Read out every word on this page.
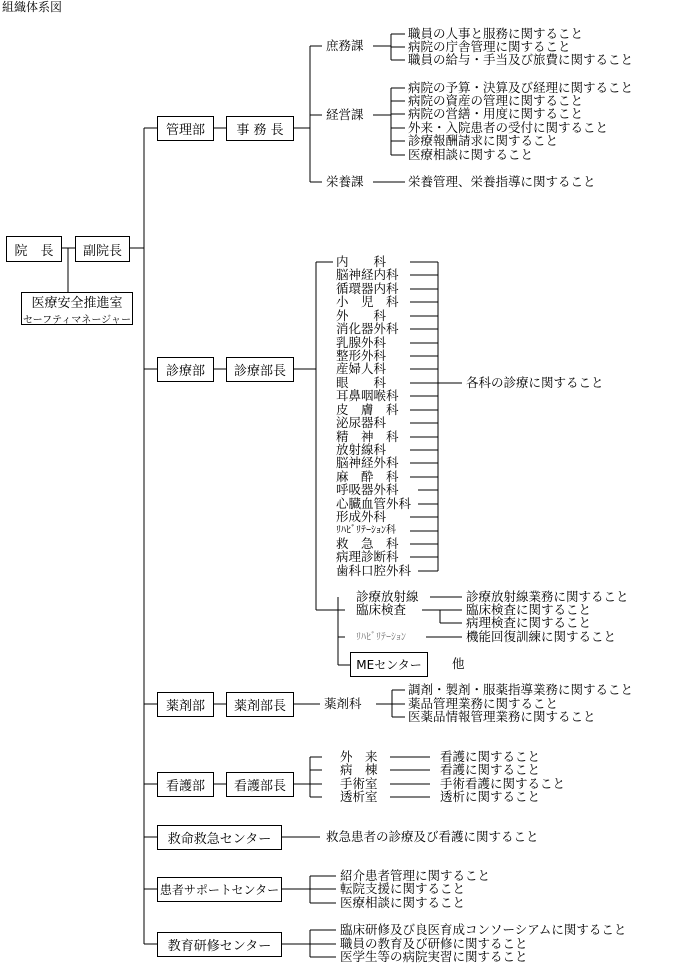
組織体系図
院　長	副院長
医療安全推進室
セーフティマネージャー
管理部	事 務 長
診療部	診療部長
薬剤部	薬剤部長
看護部	看護部長
救命救急センター
患者サポートセンター
教育研修センター
庶務課
経営課
栄養課
職員の人事と服務に関すること
病院の庁舎管理に関すること
職員の給与・手当及び旅費に関すること
病院の予算・決算及び経理に関すること
病院の資産の管理に関すること
病院の営繕・用度に関すること
外来・入院患者の受付に関すること
診療報酬請求に関すること
医療相談に関すること
栄養管理、栄養指導に関すること
内　　科
脳神経内科
循環器内科
小　児　科
外　　科
消化器外科
乳腺外科
整形外科
産婦人科
眼　　科
耳鼻咽喉科
皮　膚　科
泌尿器科
精　神　科
放射線科
脳神経外科
麻　酔　科
呼吸器外科
心臓血管外科
形成外科
ﾘﾊﾋﾞﾘﾃｰｼｮﾝ科
救　急　科
病理診断科
歯科口腔外科
各科の診療に関すること
診療放射線
臨床検査
ﾘﾊﾋﾞﾘﾃｰｼｮﾝ
診療放射線業務に関すること
臨床検査に関すること
病理検査に関すること
機能回復訓練に関すること
MEセンター	他
薬剤科
調剤・製剤・服薬指導業務に関すること
薬品管理業務に関すること
医薬品情報管理業務に関すること
外　来
病　棟
手術室
透析室
看護に関すること
看護に関すること
手術看護に関すること
透析に関すること
救急患者の診療及び看護に関すること
紹介患者管理に関すること
転院支援に関すること
医療相談に関すること
臨床研修及び良医育成コンソーシアムに関すること
職員の教育及び研修に関すること
医学生等の病院実習に関すること
